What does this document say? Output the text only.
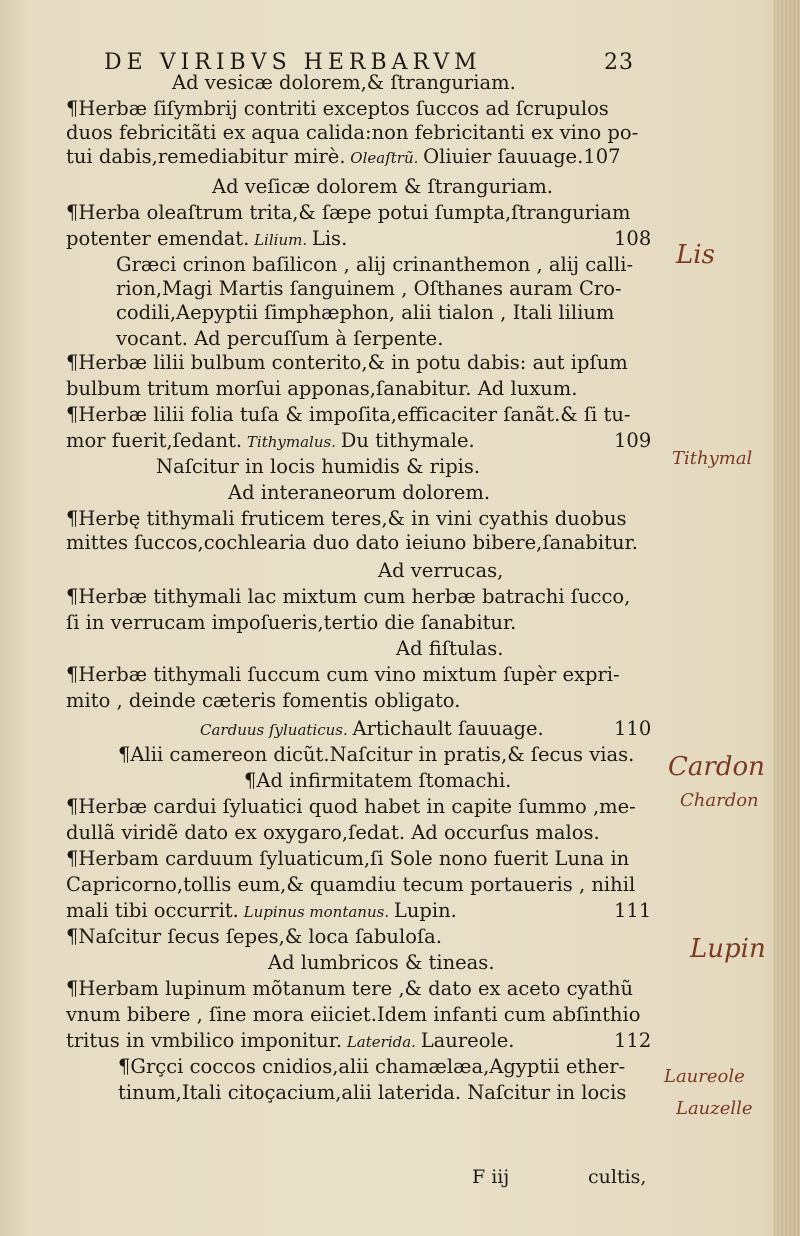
DE VIRIBVS HERBARVM	23
Ad vesicæ dolorem,& ſtranguriam.
¶Herbæ ſiſymbrij contriti exceptos ſuccos ad ſcrupulos
duos febricitãti ex aqua calida:non febricitanti ex vino po-
tui dabis,remediabitur mirè. Oleaſtrũ. Oliuier ſauuage.107
Ad veſicæ dolorem & ſtranguriam.
¶Herba oleaſtrum trita,& ſæpe potui ſumpta,ſtranguriam
potenter emendat. Lilium. Lis.	108
Græci crinon baſilicon , alij crinanthemon , alij calli-
rion,Magi Martis ſanguinem , Oſthanes auram Cro-
codili,Aepyptii ſimphæphon, alii tialon , Itali lilium
vocant. Ad percuſſum à ſerpente.
¶Herbæ lilii bulbum conterito,& in potu dabis: aut ipſum
bulbum tritum morſui apponas,ſanabitur. Ad luxum.
¶Herbæ lilii folia tuſa & impoſita,efficaciter ſanãt.& ſi tu-
mor fuerit,ſedant. Tithymalus. Du tithymale.	109
Naſcitur in locis humidis & ripis.
Ad interaneorum dolorem.
¶Herbę tithymali fruticem teres,& in vini cyathis duobus
mittes ſuccos,cochlearia duo dato ieiuno bibere,ſanabitur.
Ad verrucas,
¶Herbæ tithymali lac mixtum cum herbæ batrachi ſucco,
ſi in verrucam impoſueris,tertio die ſanabitur.
Ad fiſtulas.
¶Herbæ tithymali ſuccum cum vino mixtum ſupèr expri-
mito , deinde cæteris fomentis obligato.
Carduus ſyluaticus. Artichault ſauuage.	110
¶Alii camereon dicũt.Naſcitur in pratis,& ſecus vias.
¶Ad infirmitatem ſtomachi.
¶Herbæ cardui ſyluatici quod habet in capite ſummo ,me-
dullã viridẽ dato ex oxygaro,ſedat. Ad occurſus malos.
¶Herbam carduum ſyluaticum,ſi Sole nono fuerit Luna in
Capricorno,tollis eum,& quamdiu tecum portaueris , nihil
mali tibi occurrit. Lupinus montanus. Lupin.	111
¶Naſcitur ſecus ſepes,& loca ſabuloſa.
Ad lumbricos & tineas.
¶Herbam lupinum mõtanum tere ,& dato ex aceto cyathũ
vnum bibere , ſine mora eiiciet.Idem infanti cum abſinthio
tritus in vmbilico imponitur. Laterida. Laureole.	112
¶Grçci coccos cnidios,alii chamælæa,Agyptii ether-
tinum,Itali citoçacium,alii laterida. Naſcitur in locis
Lis
Tithymal
Cardon
Chardon
Lupin
Laureole
Lauzelle
F iij	cultis,
